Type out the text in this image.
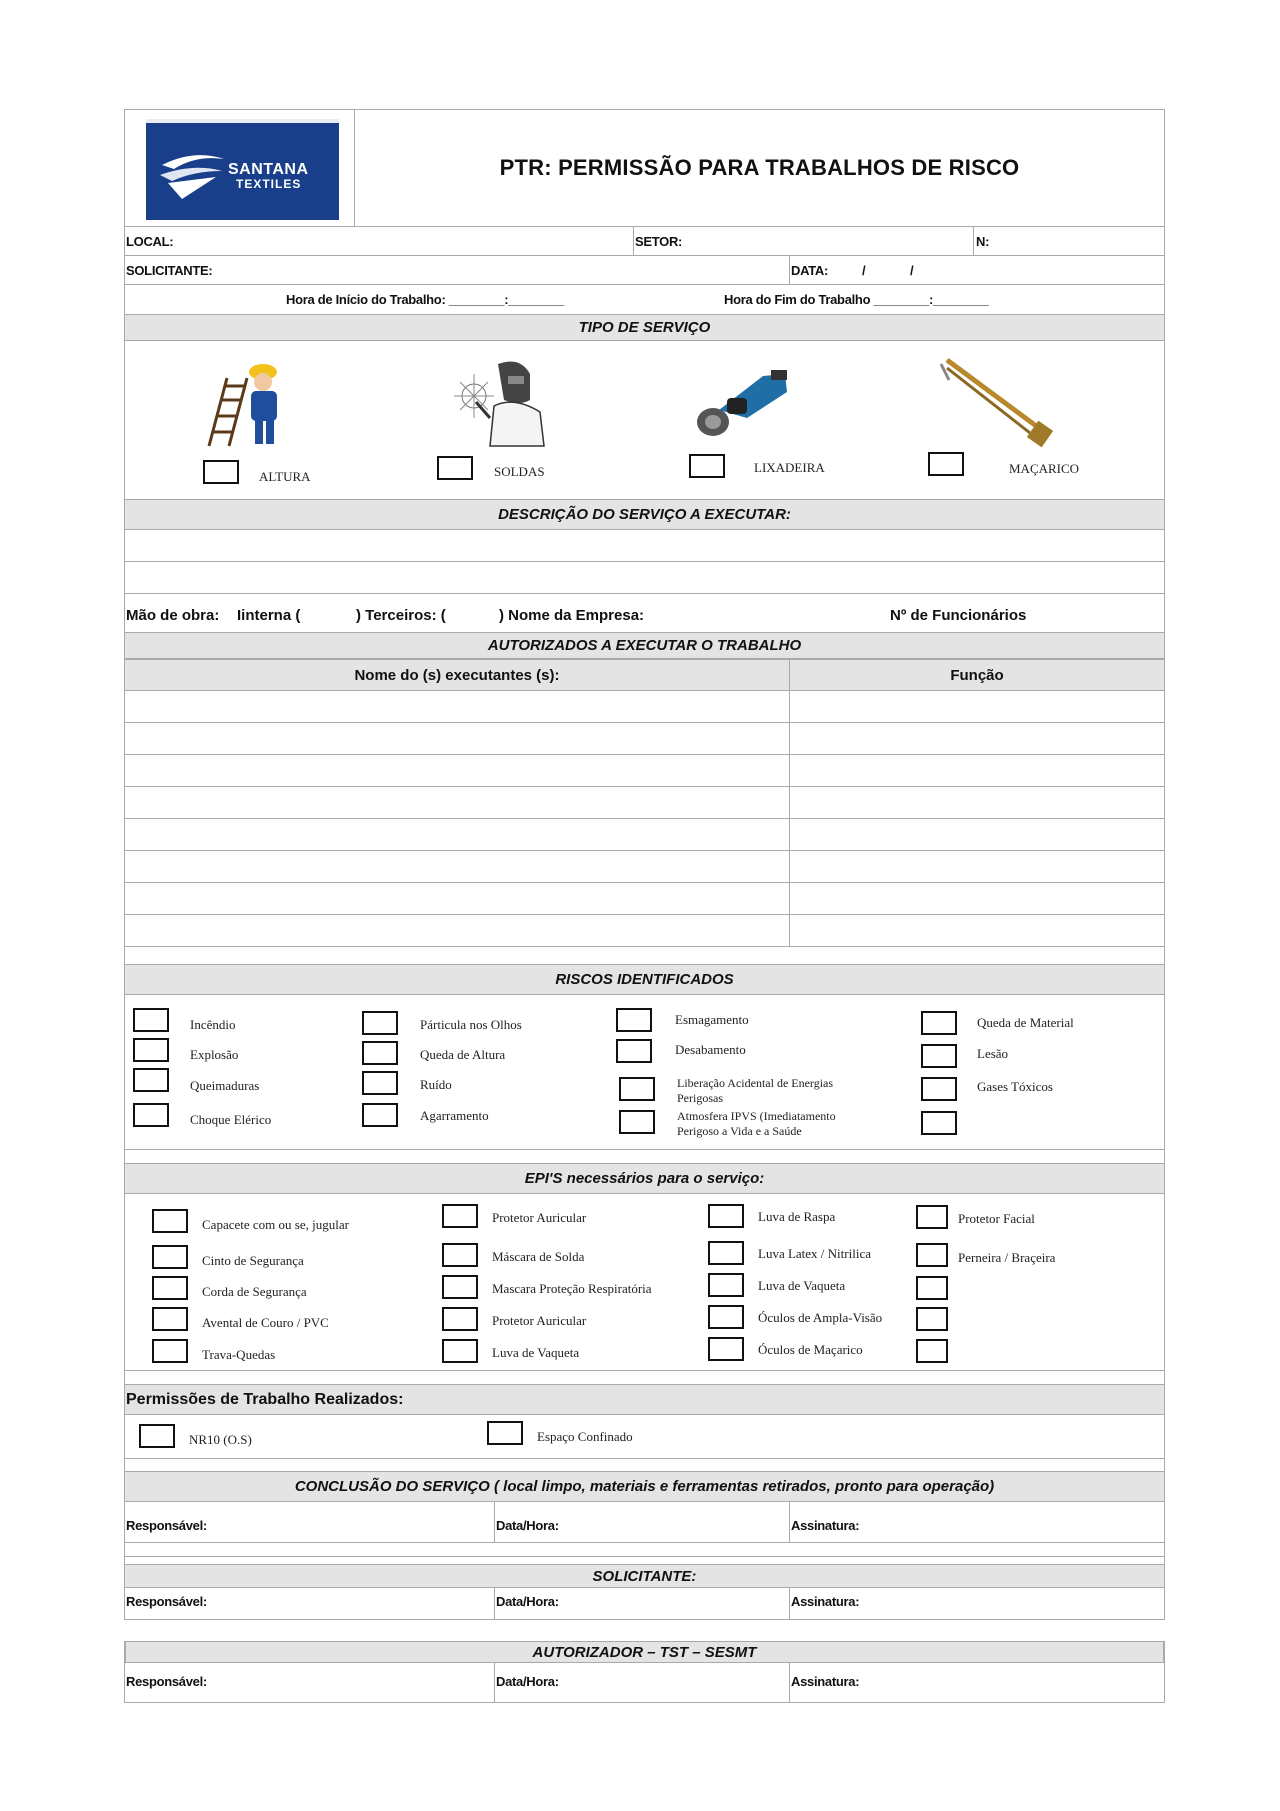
SANTANA
TEXTILES
PTR: PERMISSÃO PARA TRABALHOS DE RISCO
LOCAL:	SETOR:	N:
SOLICITANTE:	DATA:	/	/
Hora de Início do Trabalho: ________:________	Hora do Fim do Trabalho ________:________
TIPO DE SERVIÇO
ALTURA	SOLDAS	LIXADEIRA	MAÇARICO
DESCRIÇÃO DO SERVIÇO A EXECUTAR:
Mão de obra: Iinterna (	) Terceiros: (	) Nome da Empresa:	Nº de Funcionários
AUTORIZADOS A EXECUTAR O TRABALHO
Nome do (s) executantes (s):	Função
RISCOS IDENTIFICADOS
Incêndio
Explosão
Queimaduras
Choque Elérico
Párticula nos Olhos
Queda de Altura
Ruído
Agarramento
Esmagamento
Desabamento
Liberação Acidental de Energias Perigosas
Atmosfera IPVS (Imediatamento Perigoso a Vida e a Saúde
Queda de Material
Lesão
Gases Tóxicos
EPI'S necessários para o serviço:
Capacete com ou se, jugular
Cinto de Segurança
Corda de Segurança
Avental de Couro / PVC
Trava-Quedas
Protetor Auricular
Máscara de Solda
Mascara Proteção Respiratória
Protetor Auricular
Luva de Vaqueta
Luva de Raspa
Luva Latex / Nitrilica
Luva de Vaqueta
Óculos de Ampla-Visão
Óculos de Maçarico
Protetor Facial
Perneira / Braçeira
Permissões de Trabalho Realizados:
NR10 (O.S)	Espaço Confinado
CONCLUSÃO DO SERVIÇO ( local limpo, materiais e ferramentas retirados, pronto para operação)
Responsável:	Data/Hora:	Assinatura:
SOLICITANTE:
Responsável:	Data/Hora:	Assinatura:
AUTORIZADOR – TST – SESMT
Responsável:	Data/Hora:	Assinatura:
